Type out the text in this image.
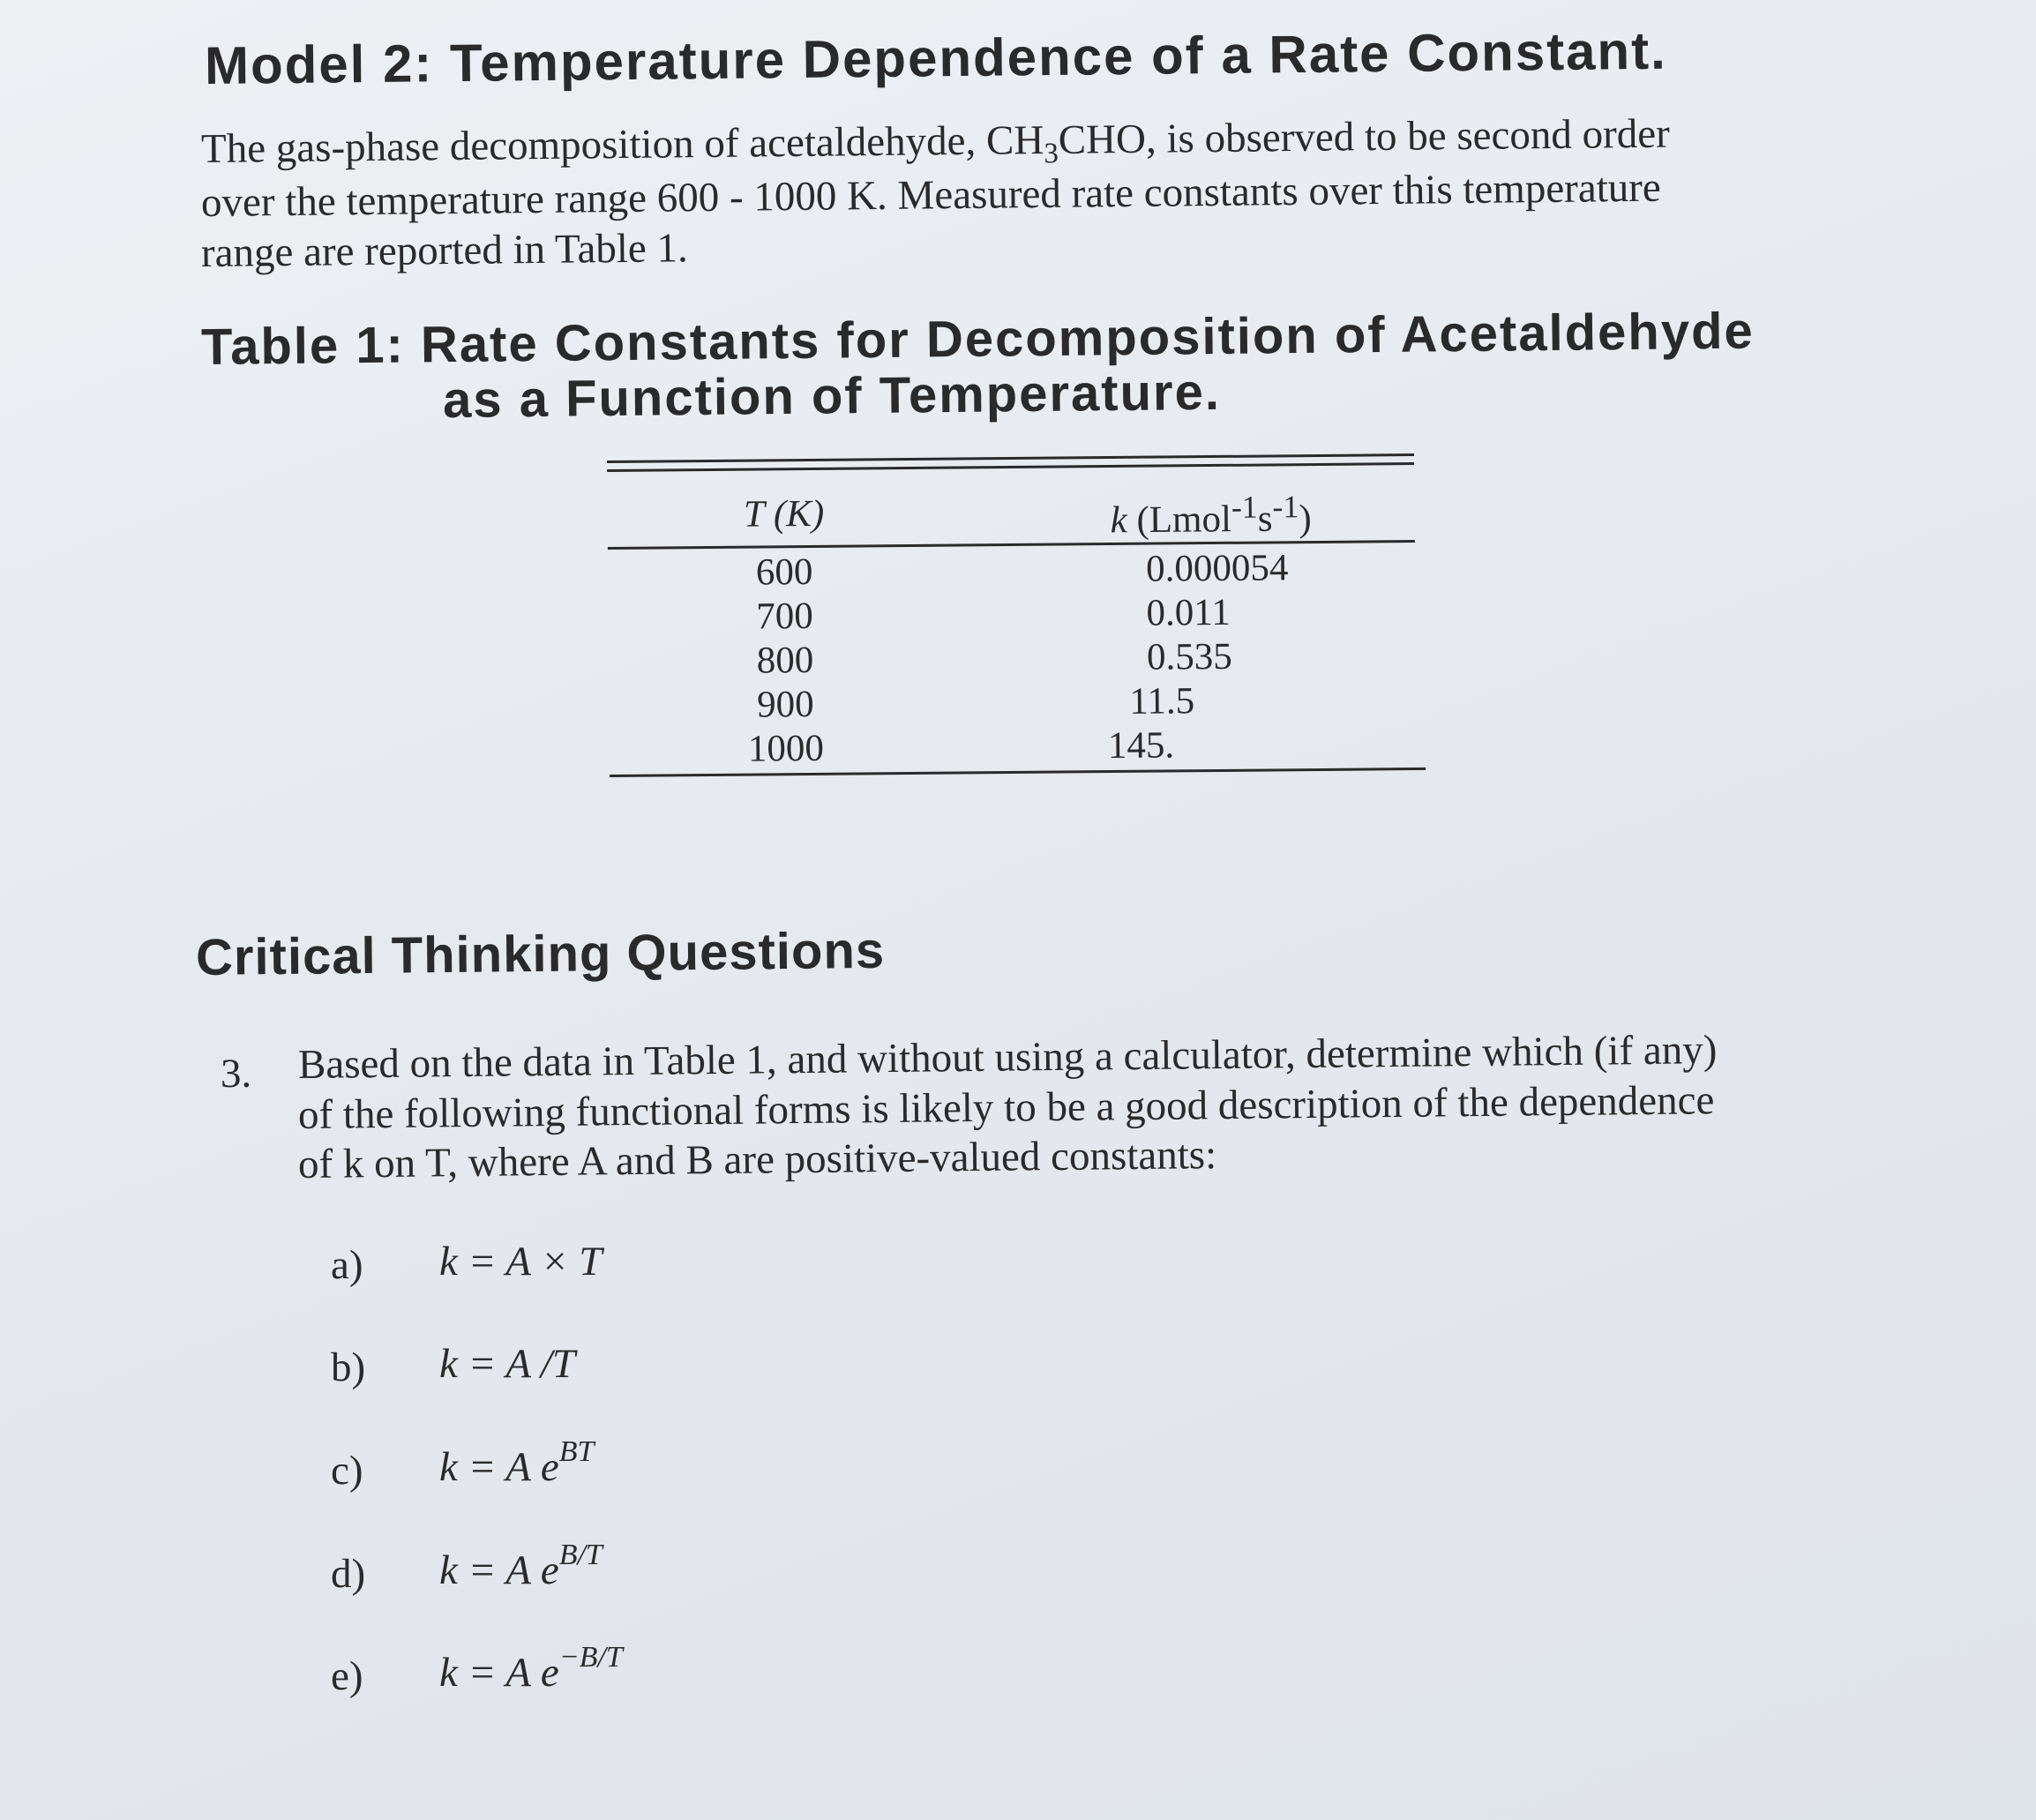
Model 2: Temperature Dependence of a Rate Constant.
The gas-phase decomposition of acetaldehyde, $CH_3CHO$, is observed to be second order
over the temperature range 600 - 1000 K. Measured rate constants over this temperature
range are reported in Table 1.
Table 1: Rate Constants for Decomposition of Acetaldehyde
as a Function of Temperature.
T (K)	k $(Lmol^{-1}s^{-1})$
600	0.000054
700	0.011
800	0.535
900	11.5
1000	145.
Critical Thinking Questions
3. Based on the data in Table 1, and without using a calculator, determine which (if any)
of the following functional forms is likely to be a good description of the dependence
of k on T, where A and B are positive-valued constants:
a) k = A × T
b) k = A /T
c) k = A $e^{BT}$
d) k = A $e^{B/T}$
e) k = A $e^{-B/T}$
